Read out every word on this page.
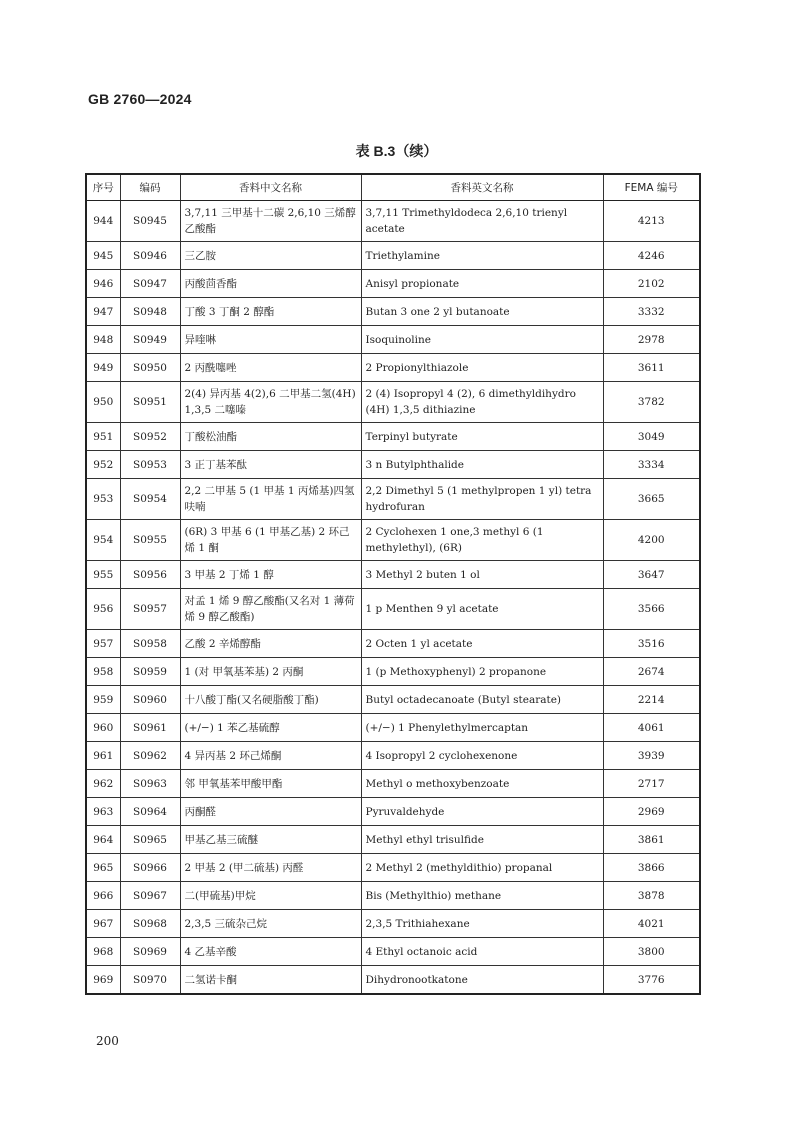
GB 2760—2024
表 B.3（续）
序号	编码	香料中文名称	香料英文名称	FEMA 编号
944	S0945	3,7,11 三甲基十二碳 2,6,10 三烯醇乙酸酯	3,7,11 Trimethyldodeca 2,6,10 trienyl acetate	4213
945	S0946	三乙胺	Triethylamine	4246
946	S0947	丙酸茴香酯	Anisyl propionate	2102
947	S0948	丁酸 3 丁酮 2 醇酯	Butan 3 one 2 yl butanoate	3332
948	S0949	异喹啉	Isoquinoline	2978
949	S0950	2 丙酰噻唑	2 Propionylthiazole	3611
950	S0951	2(4) 异丙基 4(2),6 二甲基二氢(4H) 1,3,5 二噻嗪	2 (4) Isopropyl 4 (2), 6 dimethyldihydro (4H) 1,3,5 dithiazine	3782
951	S0952	丁酸松油酯	Terpinyl butyrate	3049
952	S0953	3 正丁基苯酞	3 n Butylphthalide	3334
953	S0954	2,2 二甲基 5 (1 甲基 1 丙烯基)四氢呋喃	2,2 Dimethyl 5 (1 methylpropen 1 yl) tetra hydrofuran	3665
954	S0955	(6R) 3 甲基 6 (1 甲基乙基) 2 环己烯 1 酮	2 Cyclohexen 1 one,3 methyl 6 (1 methylethyl), (6R)	4200
955	S0956	3 甲基 2 丁烯 1 醇	3 Methyl 2 buten 1 ol	3647
956	S0957	对孟 1 烯 9 醇乙酸酯(又名对 1 薄荷烯 9 醇乙酸酯)	1 p Menthen 9 yl acetate	3566
957	S0958	乙酸 2 辛烯醇酯	2 Octen 1 yl acetate	3516
958	S0959	1 (对 甲氧基苯基) 2 丙酮	1 (p Methoxyphenyl) 2 propanone	2674
959	S0960	十八酸丁酯(又名硬脂酸丁酯)	Butyl octadecanoate (Butyl stearate)	2214
960	S0961	(+/−) 1 苯乙基硫醇	(+/−) 1 Phenylethylmercaptan	4061
961	S0962	4 异丙基 2 环己烯酮	4 Isopropyl 2 cyclohexenone	3939
962	S0963	邻 甲氧基苯甲酸甲酯	Methyl o methoxybenzoate	2717
963	S0964	丙酮醛	Pyruvaldehyde	2969
964	S0965	甲基乙基三硫醚	Methyl ethyl trisulfide	3861
965	S0966	2 甲基 2 (甲二硫基) 丙醛	2 Methyl 2 (methyldithio) propanal	3866
966	S0967	二(甲硫基)甲烷	Bis (Methylthio) methane	3878
967	S0968	2,3,5 三硫杂己烷	2,3,5 Trithiahexane	4021
968	S0969	4 乙基辛酸	4 Ethyl octanoic acid	3800
969	S0970	二氢诺卡酮	Dihydronootkatone	3776
200
